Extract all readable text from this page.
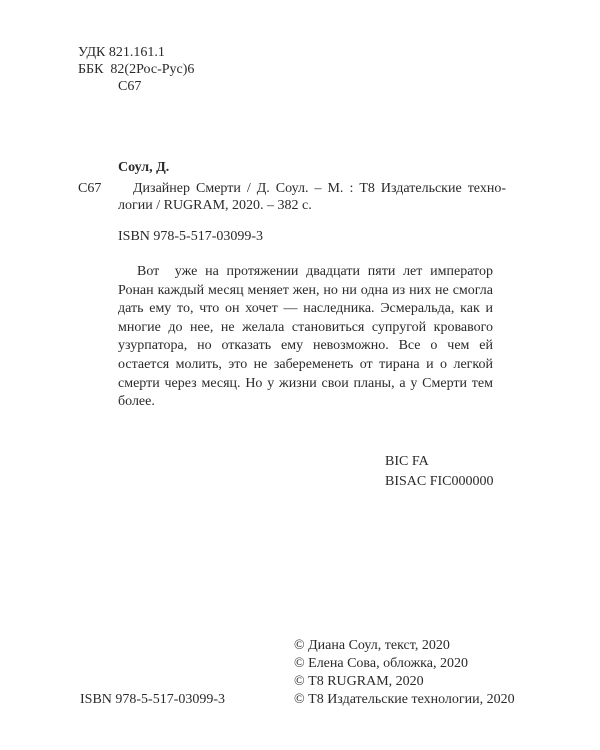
УДК 821.161.1
ББК  82(2Рос-Рус)6
С67
Соул, Д.
С67	Дизайнер Смерти / Д. Соул. – М. : Т8 Издательские техно-
логии / RUGRAM, 2020. – 382 с.
ISBN 978-5-517-03099-3
Вот  уже на протяжении двадцати пяти лет император
Ронан каждый месяц меняет жен, но ни одна из них не смогла
дать ему то, что он хочет — наследника. Эсмеральда, как и
многие до нее, не желала становиться супругой кровавого
узурпатора, но отказать ему невозможно. Все о чем ей
остается молить, это не забеременеть от тирана и о легкой
смерти через месяц. Но у жизни свои планы, а у Смерти тем
более.
BIC FA
BISAC FIC000000
© Диана Соул, текст, 2020
© Елена Сова, обложка, 2020
© Т8 RUGRAM, 2020
© Т8 Издательские технологии, 2020
ISBN 978-5-517-03099-3
